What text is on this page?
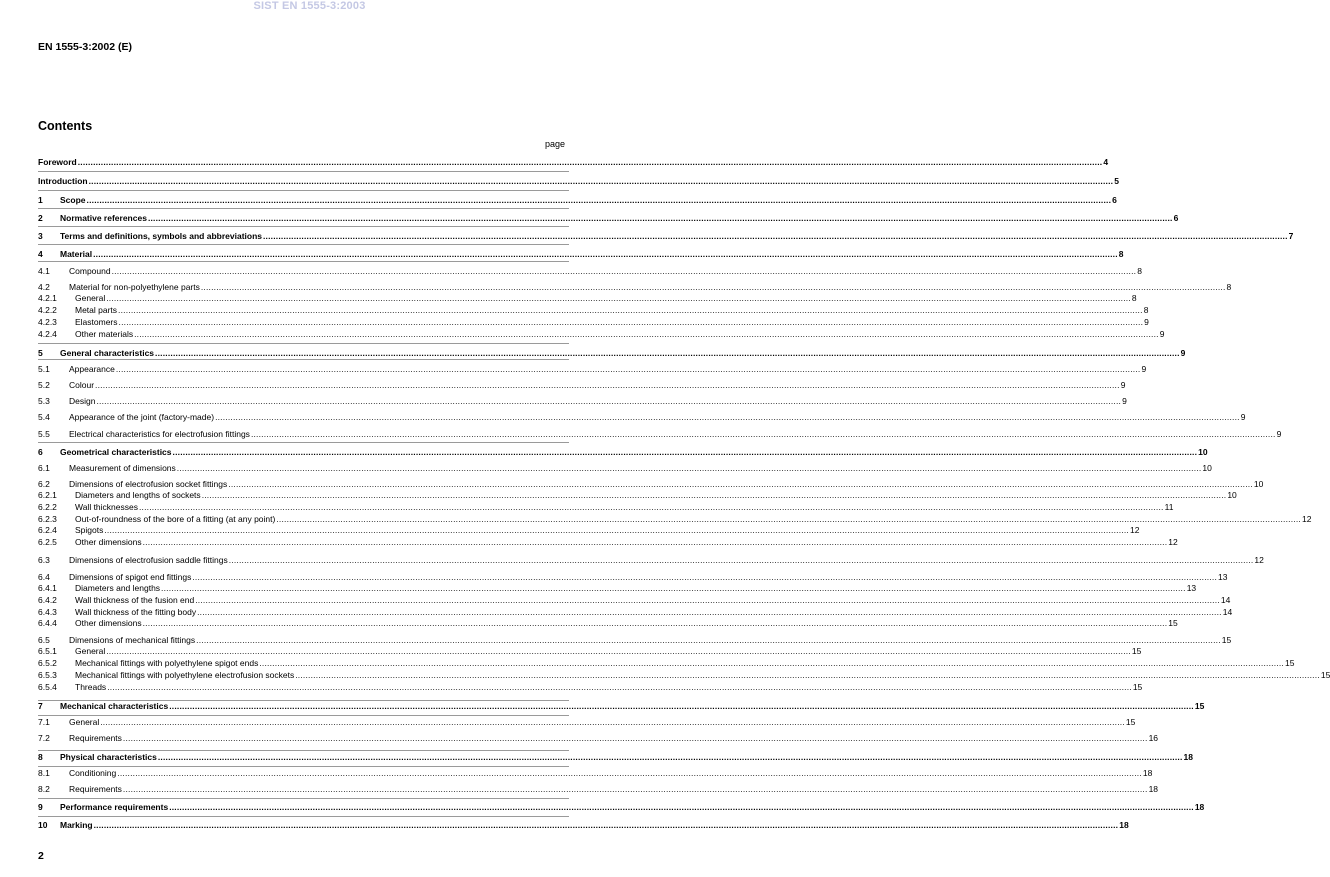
SIST EN 1555-3:2003
EN 1555-3:2002 (E)
Contents
page
Foreword ................................................................................................................................................................................................................................................................................................................................................................................................................ 4
Introduction ................................................................................................................................................................................................................................................................................................................................................................................................................ 5
1 Scope ................................................................................................................................................................................................................................................................................................................................................................................................................ 6
2 Normative references ................................................................................................................................................................................................................................................................................................................................................................................................................ 6
3 Terms and definitions, symbols and abbreviations ................................................................................................................................................................................................................................................................................................................................................................................................................ 7
4 Material ................................................................................................................................................................................................................................................................................................................................................................................................................ 8
4.1 Compound ................................................................................................................................................................................................................................................................................................................................................................................................................ 8
4.2 Material for non-polyethylene parts ................................................................................................................................................................................................................................................................................................................................................................................................................ 8
4.2.1 General ................................................................................................................................................................................................................................................................................................................................................................................................................ 8
4.2.2 Metal parts ................................................................................................................................................................................................................................................................................................................................................................................................................ 8
4.2.3 Elastomers ................................................................................................................................................................................................................................................................................................................................................................................................................ 9
4.2.4 Other materials ................................................................................................................................................................................................................................................................................................................................................................................................................ 9
5 General characteristics ................................................................................................................................................................................................................................................................................................................................................................................................................ 9
5.1 Appearance ................................................................................................................................................................................................................................................................................................................................................................................................................ 9
5.2 Colour ................................................................................................................................................................................................................................................................................................................................................................................................................ 9
5.3 Design ................................................................................................................................................................................................................................................................................................................................................................................................................ 9
5.4 Appearance of the joint (factory-made) ................................................................................................................................................................................................................................................................................................................................................................................................................ 9
5.5 Electrical characteristics for electrofusion fittings ................................................................................................................................................................................................................................................................................................................................................................................................................ 9
6 Geometrical characteristics ................................................................................................................................................................................................................................................................................................................................................................................................................ 10
6.1 Measurement of dimensions ................................................................................................................................................................................................................................................................................................................................................................................................................ 10
6.2 Dimensions of electrofusion socket fittings ................................................................................................................................................................................................................................................................................................................................................................................................................ 10
6.2.1 Diameters and lengths of sockets ................................................................................................................................................................................................................................................................................................................................................................................................................ 10
6.2.2 Wall thicknesses ................................................................................................................................................................................................................................................................................................................................................................................................................ 11
6.2.3 Out-of-roundness of the bore of a fitting (at any point) ................................................................................................................................................................................................................................................................................................................................................................................................................ 12
6.2.4 Spigots ................................................................................................................................................................................................................................................................................................................................................................................................................ 12
6.2.5 Other dimensions ................................................................................................................................................................................................................................................................................................................................................................................................................ 12
6.3 Dimensions of electrofusion saddle fittings ................................................................................................................................................................................................................................................................................................................................................................................................................ 12
6.4 Dimensions of spigot end fittings ................................................................................................................................................................................................................................................................................................................................................................................................................ 13
6.4.1 Diameters and lengths ................................................................................................................................................................................................................................................................................................................................................................................................................ 13
6.4.2 Wall thickness of the fusion end ................................................................................................................................................................................................................................................................................................................................................................................................................ 14
6.4.3 Wall thickness of the fitting body ................................................................................................................................................................................................................................................................................................................................................................................................................ 14
6.4.4 Other dimensions ................................................................................................................................................................................................................................................................................................................................................................................................................ 15
6.5 Dimensions of mechanical fittings ................................................................................................................................................................................................................................................................................................................................................................................................................ 15
6.5.1 General ................................................................................................................................................................................................................................................................................................................................................................................................................ 15
6.5.2 Mechanical fittings with polyethylene spigot ends ................................................................................................................................................................................................................................................................................................................................................................................................................ 15
6.5.3 Mechanical fittings with polyethylene electrofusion sockets ................................................................................................................................................................................................................................................................................................................................................................................................................ 15
6.5.4 Threads ................................................................................................................................................................................................................................................................................................................................................................................................................ 15
7 Mechanical characteristics ................................................................................................................................................................................................................................................................................................................................................................................................................ 15
7.1 General ................................................................................................................................................................................................................................................................................................................................................................................................................ 15
7.2 Requirements ................................................................................................................................................................................................................................................................................................................................................................................................................ 16
8 Physical characteristics ................................................................................................................................................................................................................................................................................................................................................................................................................ 18
8.1 Conditioning ................................................................................................................................................................................................................................................................................................................................................................................................................ 18
8.2 Requirements ................................................................................................................................................................................................................................................................................................................................................................................................................ 18
9 Performance requirements ................................................................................................................................................................................................................................................................................................................................................................................................................ 18
10 Marking ................................................................................................................................................................................................................................................................................................................................................................................................................ 18
2
